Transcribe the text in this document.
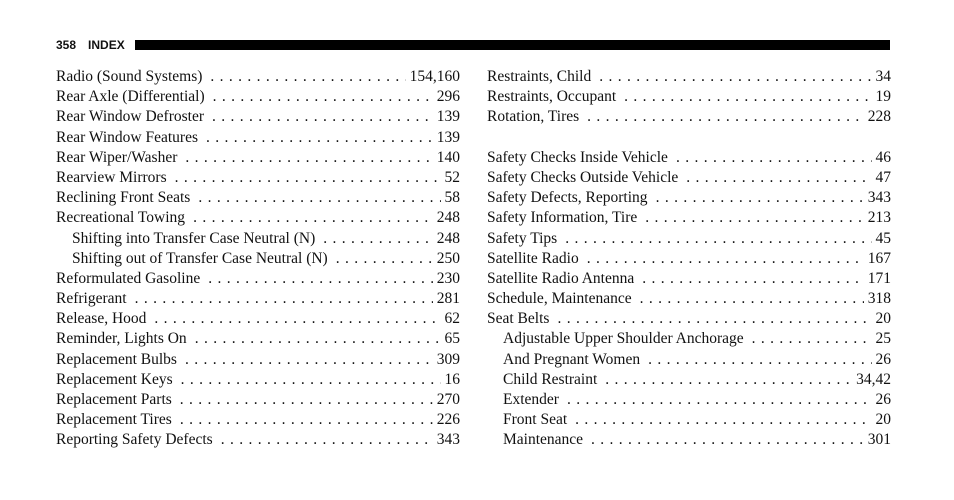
358 INDEX
Radio (Sound Systems) . . .	154,160
Rear Axle (Differential) . . .	296
Rear Window Defroster . . .	139
Rear Window Features . . .	139
Rear Wiper/Washer . . .	140
Rearview Mirrors . . .	52
Reclining Front Seats . . .	58
Recreational Towing . . .	248
Shifting into Transfer Case Neutral (N) . . .	248
Shifting out of Transfer Case Neutral (N) . . .	250
Reformulated Gasoline . . .	230
Refrigerant . . .	281
Release, Hood . . .	62
Reminder, Lights On . . .	65
Replacement Bulbs . . .	309
Replacement Keys . . .	16
Replacement Parts . . .	270
Replacement Tires . . .	226
Reporting Safety Defects . . .	343
Restraints, Child . . .	34
Restraints, Occupant . . .	19
Rotation, Tires . . .	228
Safety Checks Inside Vehicle . . .	46
Safety Checks Outside Vehicle . . .	47
Safety Defects, Reporting . . .	343
Safety Information, Tire . . .	213
Safety Tips . . .	45
Satellite Radio . . .	167
Satellite Radio Antenna . . .	171
Schedule, Maintenance . . .	318
Seat Belts . . .	20
Adjustable Upper Shoulder Anchorage . . .	25
And Pregnant Women . . .	26
Child Restraint . . .	34,42
Extender . . .	26
Front Seat . . .	20
Maintenance . . .	301
